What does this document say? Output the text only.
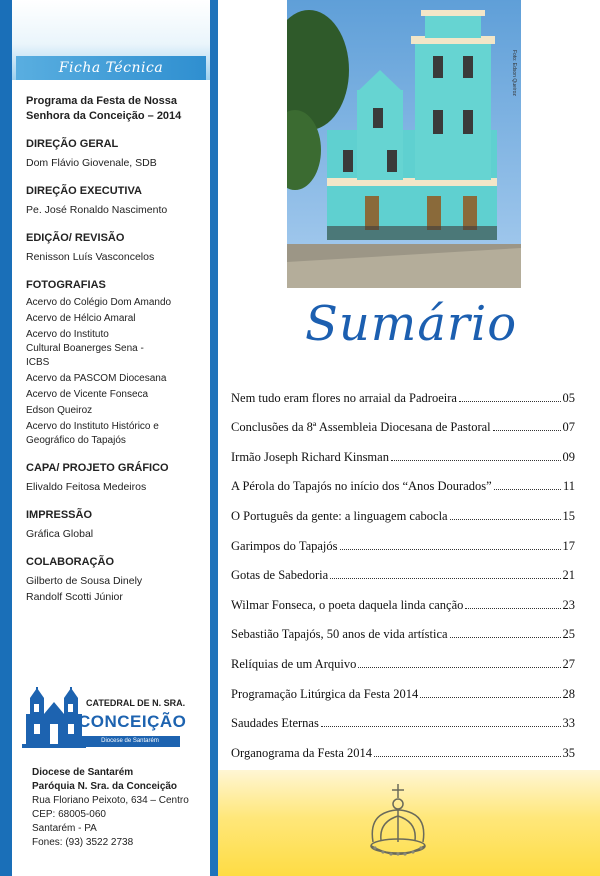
Ficha Técnica
Programa da Festa de Nossa Senhora da Conceição – 2014
DIREÇÃO GERAL
Dom Flávio Giovenale, SDB
DIREÇÃO EXECUTIVA
Pe. José Ronaldo Nascimento
EDIÇÃO/ REVISÃO
Renisson Luís Vasconcelos
FOTOGRAFIAS
Acervo do Colégio Dom Amando
Acervo de Hélcio Amaral
Acervo do Instituto Cultural Boanerges Sena - ICBS
Acervo da PASCOM Diocesana
Acervo de Vicente Fonseca
Edson Queiroz
Acervo do Instituto Histórico e Geográfico do Tapajós
CAPA/ PROJETO GRÁFICO
Elivaldo Feitosa Medeiros
IMPRESSÃO
Gráfica Global
COLABORAÇÃO
Gilberto de Sousa Dinely
Randolf Scotti Júnior
CATEDRAL DE N. SRA.
CONCEIÇÃO
Diocese de Santarém
Diocese de Santarém
Paróquia N. Sra. da Conceição
Rua Floriano Peixoto, 634 – Centro
CEP: 68005-060
Santarém - PA
Fones: (93) 3522 2738
Foto: Edson Queiroz
Sumário
Nem tudo eram flores no arraial da Padroeira	05
Conclusões da 8ª Assembleia Diocesana de Pastoral	07
Irmão Joseph Richard Kinsman	09
A Pérola do Tapajós no início dos “Anos Dourados”	11
O Português da gente: a linguagem cabocla	15
Garimpos do Tapajós	17
Gotas de Sabedoria	21
Wilmar Fonseca, o poeta daquela linda canção	23
Sebastião Tapajós, 50 anos de vida artística	25
Relíquias de um Arquivo	27
Programação Litúrgica da Festa 2014	28
Saudades Eternas	33
Organograma da Festa 2014	35
